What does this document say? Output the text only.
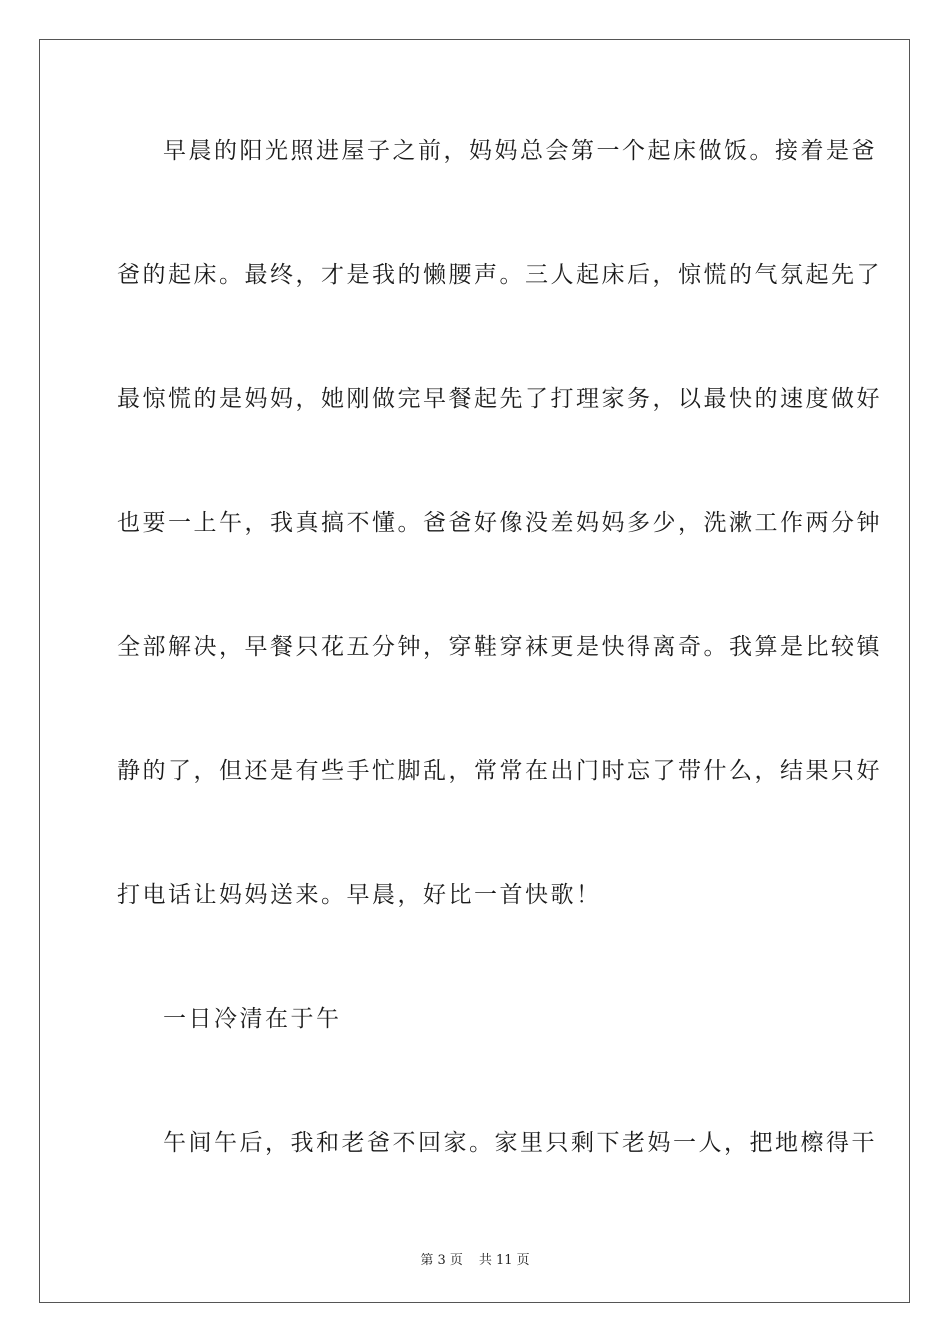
早晨的阳光照进屋子之前，妈妈总会第一个起床做饭。接着是爸
爸的起床。最终，才是我的懒腰声。三人起床后，惊慌的气氛起先了
最惊慌的是妈妈，她刚做完早餐起先了打理家务，以最快的速度做好
也要一上午，我真搞不懂。爸爸好像没差妈妈多少，洗漱工作两分钟
全部解决，早餐只花五分钟，穿鞋穿袜更是快得离奇。我算是比较镇
静的了，但还是有些手忙脚乱，常常在出门时忘了带什么，结果只好
打电话让妈妈送来。早晨，好比一首快歌！
一日冷清在于午
午间午后，我和老爸不回家。家里只剩下老妈一人，把地檫得干
第 3 页 共 11 页
